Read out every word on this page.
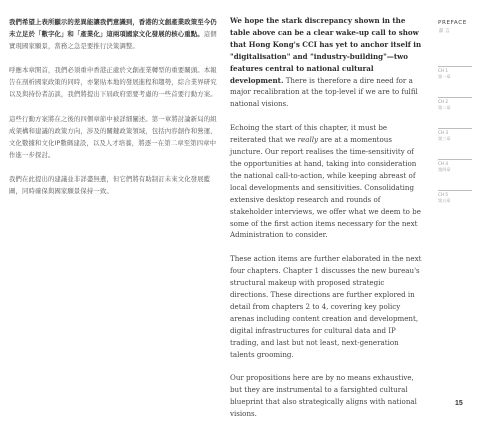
我們希望上表所顯示的差異能讓我們意識到，香港的文創產業政策至今仍未立足於「數字化」和「產業化」這兩項國家文化發展的核心重點。這個實現國家願景，當務之急是要推行決策調整。

呼應本章開首，我們必須重申香港正處於文創產業轉型的重要關頭。本報告在剖析國家政策的同時，亦緊貼本地的發展進程和趨勢，綜合業界研究以及與持份者訪談，我們將提出下屆政府需要考慮的一些首要行動方案。

這些行動方案將在之後的四個章節中被詳細闡述。第一章將討論新局的組成架構和建議的政策方向，涉及的關鍵政策領域，包括內容創作和營運、文化數據和文化IP數碼建設，以及人才培養，將逐一在第二章至第四章中作進一步探討。

我們在此提出的建議並非詳盡無遺，但它們將有助制訂未來文化發展藍圖，同時確保與國家願景保持一致。

We hope the stark discrepancy shown in the table above can be a clear wake-up call to show that Hong Kong's CCI has yet to anchor itself in "digitalisation" and "industry-building"—two features central to national cultural development. There is therefore a dire need for a major recalibration at the top-level if we are to fulfil national visions.

Echoing the start of this chapter, it must be reiterated that we really are at a momentous juncture. Our report realises the time-sensitivity of the opportunities at hand, taking into consideration the national call-to-action, while keeping abreast of local developments and sensitivities. Consolidating extensive desktop research and rounds of stakeholder interviews, we offer what we deem to be some of the first action items necessary for the next Administration to consider.

These action items are further elaborated in the next four chapters. Chapter 1 discusses the new bureau's structural makeup with proposed strategic directions. These directions are further explored in detail from chapters 2 to 4, covering key policy arenas including content creation and development, digital infrastructures for cultural data and IP trading, and last but not least, next-generation talents grooming.

Our propositions here are by no means exhaustive, but they are instrumental to a farsighted cultural blueprint that also strategically aligns with national visions.

PREFACE
前 言
CH 1
第一章
CH 2
第二章
CH 3
第三章
CH 4
第四章
CH 5
第五章
15
